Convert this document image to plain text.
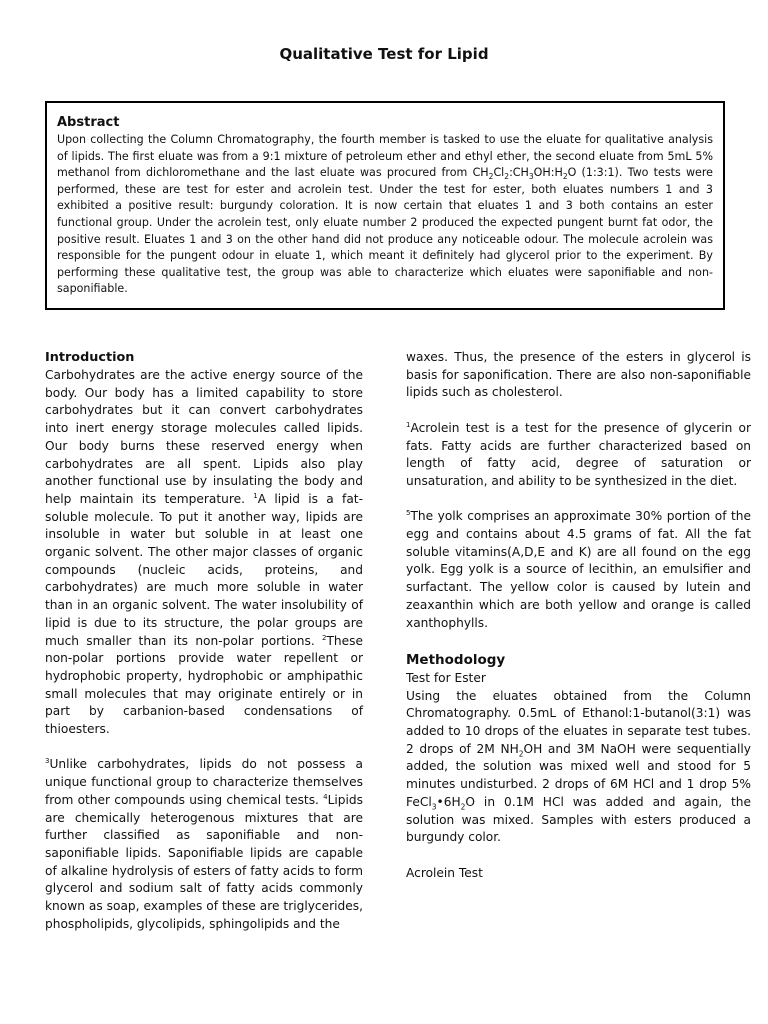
Qualitative Test for Lipid
Abstract
Upon collecting the Column Chromatography, the fourth member is tasked to use the eluate for qualitative analysis of lipids. The first eluate was from a 9:1 mixture of petroleum ether and ethyl ether, the second eluate from 5mL 5% methanol from dichloromethane and the last eluate was procured from $CH_2Cl_2:CH_3OH:H_2O$ (1:3:1). Two tests were performed, these are test for ester and acrolein test. Under the test for ester, both eluates numbers 1 and 3 exhibited a positive result: burgundy coloration. It is now certain that eluates 1 and 3 both contains an ester functional group. Under the acrolein test, only eluate number 2 produced the expected pungent burnt fat odor, the positive result. Eluates 1 and 3 on the other hand did not produce any noticeable odour. The molecule acrolein was responsible for the pungent odour in eluate 1, which meant it definitely had glycerol prior to the experiment. By performing these qualitative test, the group was able to characterize which eluates were saponifiable and non-saponifiable.

Introduction

Carbohydrates are the active energy source of the body. Our body has a limited capability to store carbohydrates but it can convert carbohydrates into inert energy storage molecules called lipids. Our body burns these reserved energy when carbohydrates are all spent. Lipids also play another functional use by insulating the body and help maintain its temperature. $^1$A lipid is a fat-soluble molecule. To put it another way, lipids are insoluble in water but soluble in at least one organic solvent. The other major classes of organic compounds (nucleic acids, proteins, and carbohydrates) are much more soluble in water than in an organic solvent. The water insolubility of lipid is due to its structure, the polar groups are much smaller than its non-polar portions. $^2$These non-polar portions provide water repellent or hydrophobic property, hydrophobic or amphipathic small molecules that may originate entirely or in part by carbanion-based condensations of thioesters.

$^3$Unlike carbohydrates, lipids do not possess a unique functional group to characterize themselves from other compounds using chemical tests. $^4$Lipids are chemically heterogenous mixtures that are further classified as saponifiable and non-saponifiable lipids. Saponifiable lipids are capable of alkaline hydrolysis of esters of fatty acids to form glycerol and sodium salt of fatty acids commonly known as soap, examples of these are triglycerides, phospholipids, glycolipids, sphingolipids and the

waxes. Thus, the presence of the esters in glycerol is basis for saponification. There are also non-saponifiable lipids such as cholesterol.

$^1$Acrolein test is a test for the presence of glycerin or fats. Fatty acids are further characterized based on length of fatty acid, degree of saturation or unsaturation, and ability to be synthesized in the diet.

$^5$The yolk comprises an approximate 30% portion of the egg and contains about 4.5 grams of fat. All the fat soluble vitamins(A,D,E and K) are all found on the egg yolk. Egg yolk is a source of lecithin, an emulsifier and surfactant. The yellow color is caused by lutein and zeaxanthin which are both yellow and orange is called xanthophylls.

Methodology

Test for Ester

Using the eluates obtained from the Column Chromatography. 0.5mL of Ethanol:1-butanol(3:1) was added to 10 drops of the eluates in separate test tubes. 2 drops of 2M $NH_2OH$ and 3M NaOH were sequentially added, the solution was mixed well and stood for 5 minutes undisturbed. 2 drops of 6M HCl and 1 drop 5% $FeCl_3•6H_2O$ in 0.1M HCl was added and again, the solution was mixed. Samples with esters produced a burgundy color.

Acrolein Test
